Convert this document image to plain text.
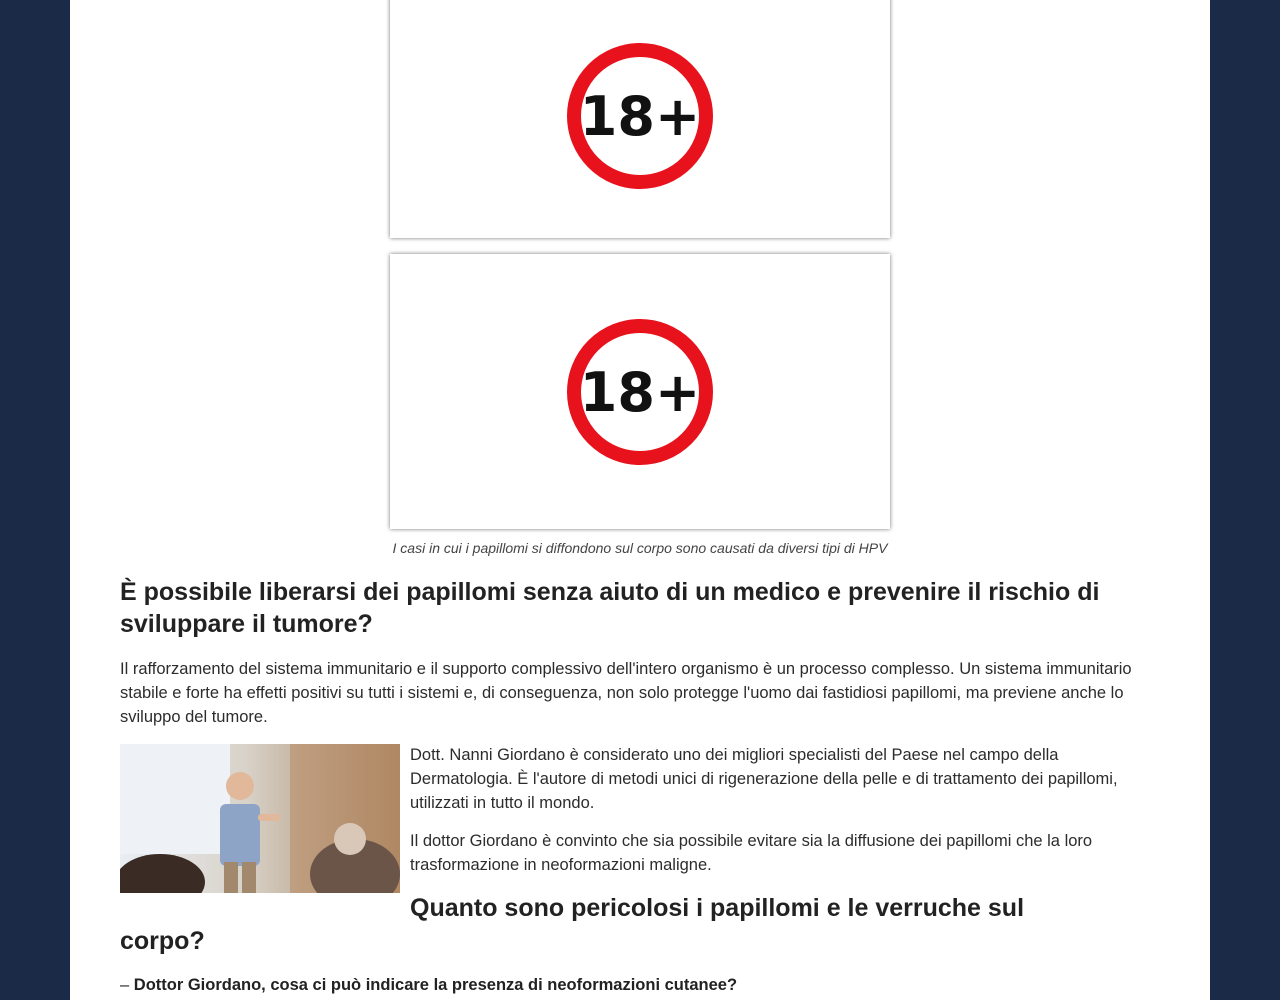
18+
18+

I casi in cui i papillomi si diffondono sul corpo sono causati da diversi tipi di HPV

È possibile liberarsi dei papillomi senza aiuto di un medico e prevenire il rischio di sviluppare il tumore?

Il rafforzamento del sistema immunitario e il supporto complessivo dell'intero organismo è un processo complesso. Un sistema immunitario stabile e forte ha effetti positivi su tutti i sistemi e, di conseguenza, non solo protegge l'uomo dai fastidiosi papillomi, ma previene anche lo sviluppo del tumore.

Dott. Nanni Giordano è considerato uno dei migliori specialisti del Paese nel campo della Dermatologia. È l'autore di metodi unici di rigenerazione della pelle e di trattamento dei papillomi, utilizzati in tutto il mondo.
Il dottor Giordano è convinto che sia possibile evitare sia la diffusione dei papillomi che la loro trasformazione in neoformazioni maligne.
Quanto sono pericolosi i papillomi e le verruche sul
corpo?
– Dottor Giordano, cosa ci può indicare la presenza di neoformazioni cutanee?
